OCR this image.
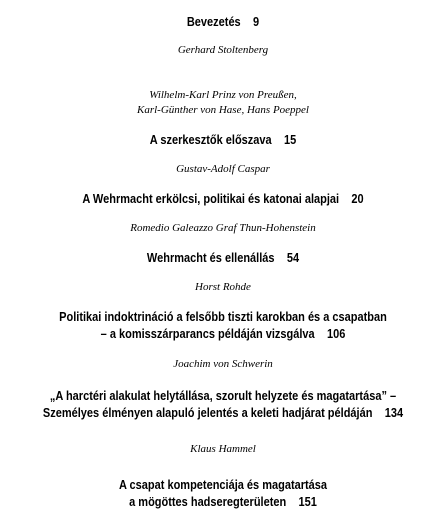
Bevezetés 9
Gerhard Stoltenberg
Wilhelm-Karl Prinz von Preußen,
Karl-Günther von Hase, Hans Poeppel
A szerkesztők előszava 15
Gustav-Adolf Caspar
A Wehrmacht erkölcsi, politikai és katonai alapjai 20
Romedio Galeazzo Graf Thun-Hohenstein
Wehrmacht és ellenállás 54
Horst Rohde
Politikai indoktrináció a felsőbb tiszti karokban és a csapatban
– a komisszárparancs példáján vizsgálva 106
Joachim von Schwerin
„A harctéri alakulat helytállása, szorult helyzete és magatartása” –
Személyes élményen alapuló jelentés a keleti hadjárat példáján 134
Klaus Hammel
A csapat kompetenciája és magatartása
a mögöttes hadseregterületen 151
